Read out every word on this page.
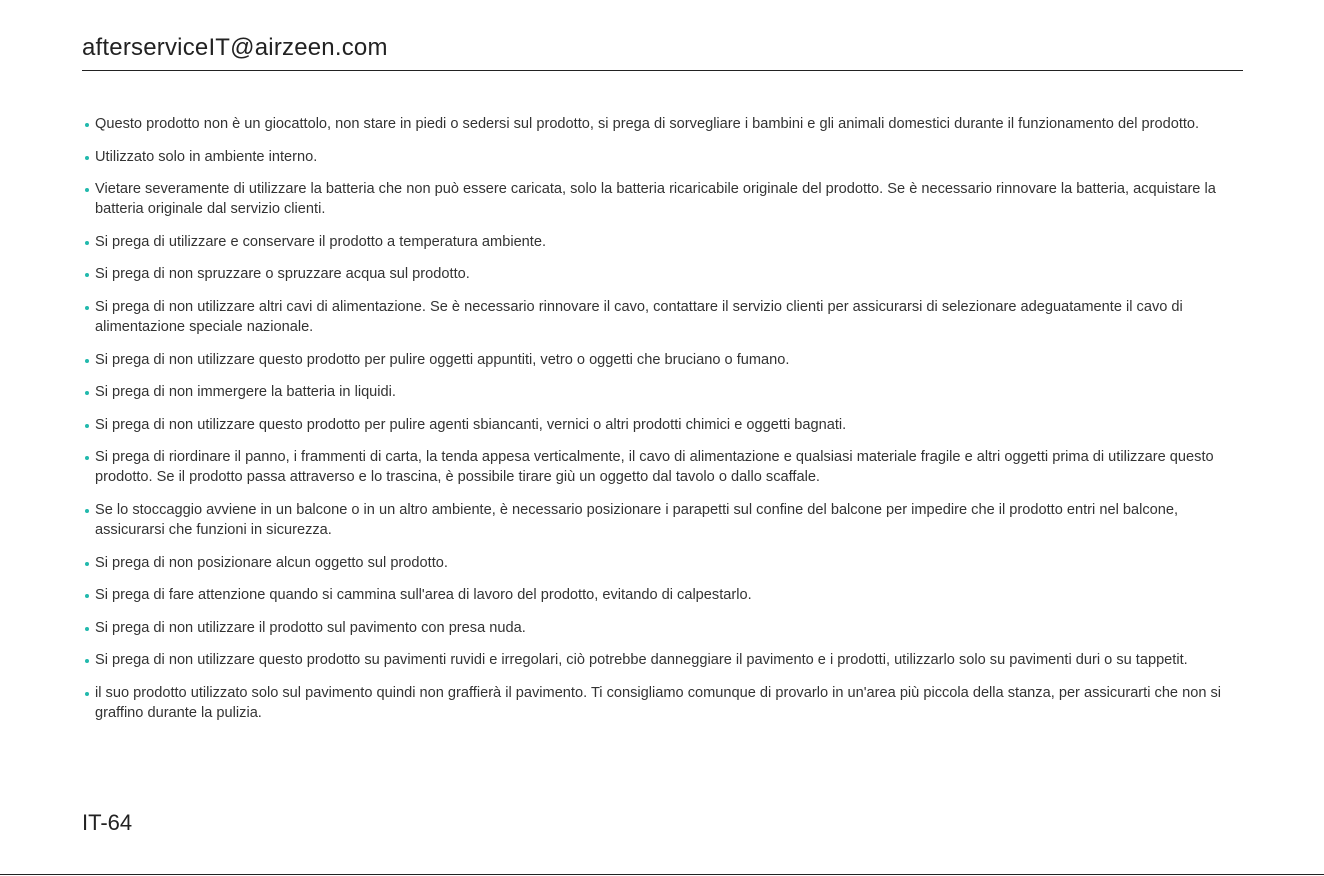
afterserviceIT@airzeen.com
Questo prodotto non è un giocattolo, non stare in piedi o sedersi sul prodotto, si prega di sorvegliare i bambini e gli animali domestici durante il funzionamento del prodotto.
Utilizzato solo in ambiente interno.
Vietare severamente di utilizzare la batteria che non può essere caricata, solo la batteria ricaricabile originale del prodotto. Se è necessario rinnovare la batteria, acquistare la batteria originale dal servizio clienti.
Si prega di utilizzare e conservare il prodotto a temperatura ambiente.
Si prega di non spruzzare o spruzzare acqua sul prodotto.
Si prega di non utilizzare altri cavi di alimentazione. Se è necessario rinnovare il cavo, contattare il servizio clienti per assicurarsi di selezionare adeguatamente il cavo di alimentazione speciale nazionale.
Si prega di non utilizzare questo prodotto per pulire oggetti appuntiti, vetro o oggetti che bruciano o fumano.
Si prega di non immergere la batteria in liquidi.
Si prega di non utilizzare questo prodotto per pulire agenti sbiancanti, vernici o altri prodotti chimici e oggetti bagnati.
Si prega di riordinare il panno, i frammenti di carta, la tenda appesa verticalmente, il cavo di alimentazione e qualsiasi materiale fragile e altri oggetti prima di utilizzare questo prodotto. Se il prodotto passa attraverso e lo trascina, è possibile tirare giù un oggetto dal tavolo o dallo scaffale.
Se lo stoccaggio avviene in un balcone o in un altro ambiente, è necessario posizionare i parapetti sul confine del balcone per impedire che il prodotto entri nel balcone, assicurarsi che funzioni in sicurezza.
Si prega di non posizionare alcun oggetto sul prodotto.
Si prega di fare attenzione quando si cammina sull'area di lavoro del prodotto, evitando di calpestarlo.
Si prega di non utilizzare il prodotto sul pavimento con presa nuda.
Si prega di non utilizzare questo prodotto su pavimenti ruvidi e irregolari, ciò potrebbe danneggiare il pavimento e i prodotti, utilizzarlo solo su pavimenti duri o su tappetit.
il suo prodotto utilizzato solo sul pavimento quindi non graffierà il pavimento. Ti consigliamo comunque di provarlo in un'area più piccola della stanza, per assicurarti che non si graffino durante la pulizia.
IT-64
